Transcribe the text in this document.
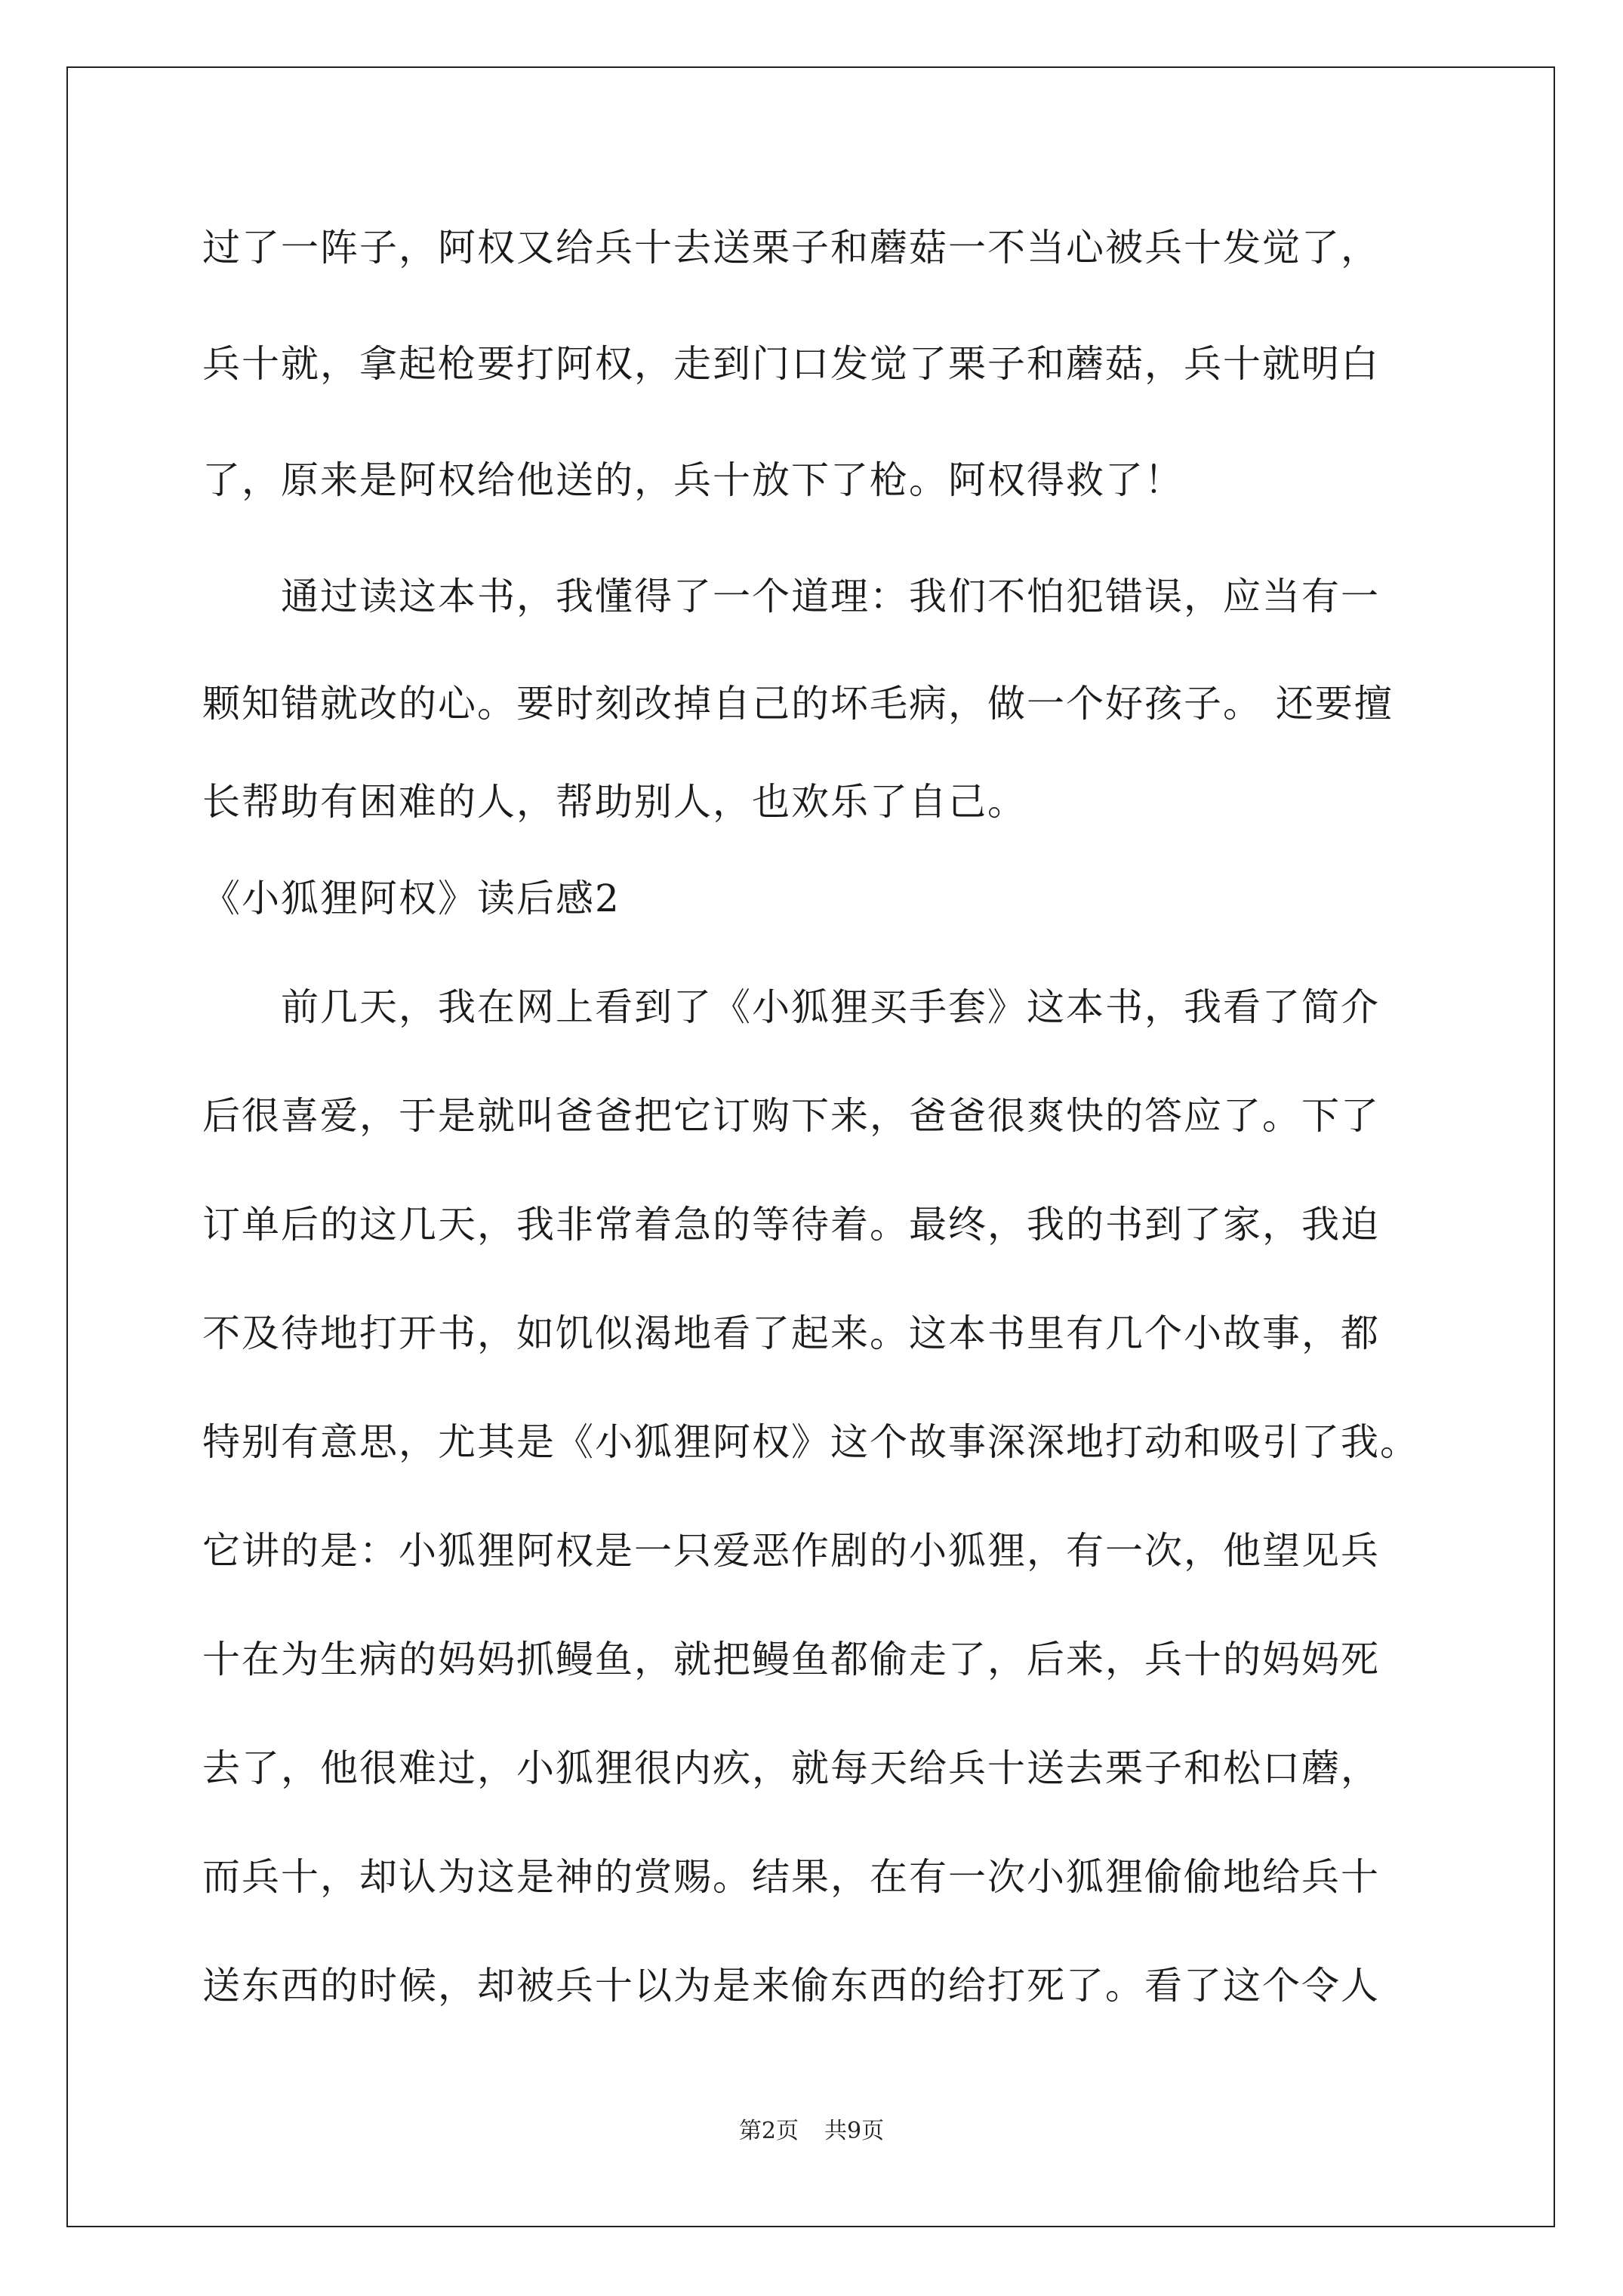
过了一阵子，阿权又给兵十去送栗子和蘑菇一不当心被兵十发觉了，
兵十就，拿起枪要打阿权，走到门口发觉了栗子和蘑菇，兵十就明白
了，原来是阿权给他送的，兵十放下了枪。阿权得救了！
　　通过读这本书，我懂得了一个道理：我们不怕犯错误，应当有一
颗知错就改的心。要时刻改掉自己的坏毛病，做一个好孩子。 还要擅
长帮助有困难的人，帮助别人，也欢乐了自己。
《小狐狸阿权》读后感2
　　前几天，我在网上看到了《小狐狸买手套》这本书，我看了简介
后很喜爱，于是就叫爸爸把它订购下来，爸爸很爽快的答应了。下了
订单后的这几天，我非常着急的等待着。最终，我的书到了家，我迫
不及待地打开书，如饥似渴地看了起来。这本书里有几个小故事，都
特别有意思，尤其是《小狐狸阿权》这个故事深深地打动和吸引了我。
它讲的是：小狐狸阿权是一只爱恶作剧的小狐狸，有一次，他望见兵
十在为生病的妈妈抓鳗鱼，就把鳗鱼都偷走了，后来，兵十的妈妈死
去了，他很难过，小狐狸很内疚，就每天给兵十送去栗子和松口蘑，
而兵十，却认为这是神的赏赐。结果，在有一次小狐狸偷偷地给兵十
送东西的时候，却被兵十以为是来偷东西的给打死了。看了这个令人
第2页 共9页
